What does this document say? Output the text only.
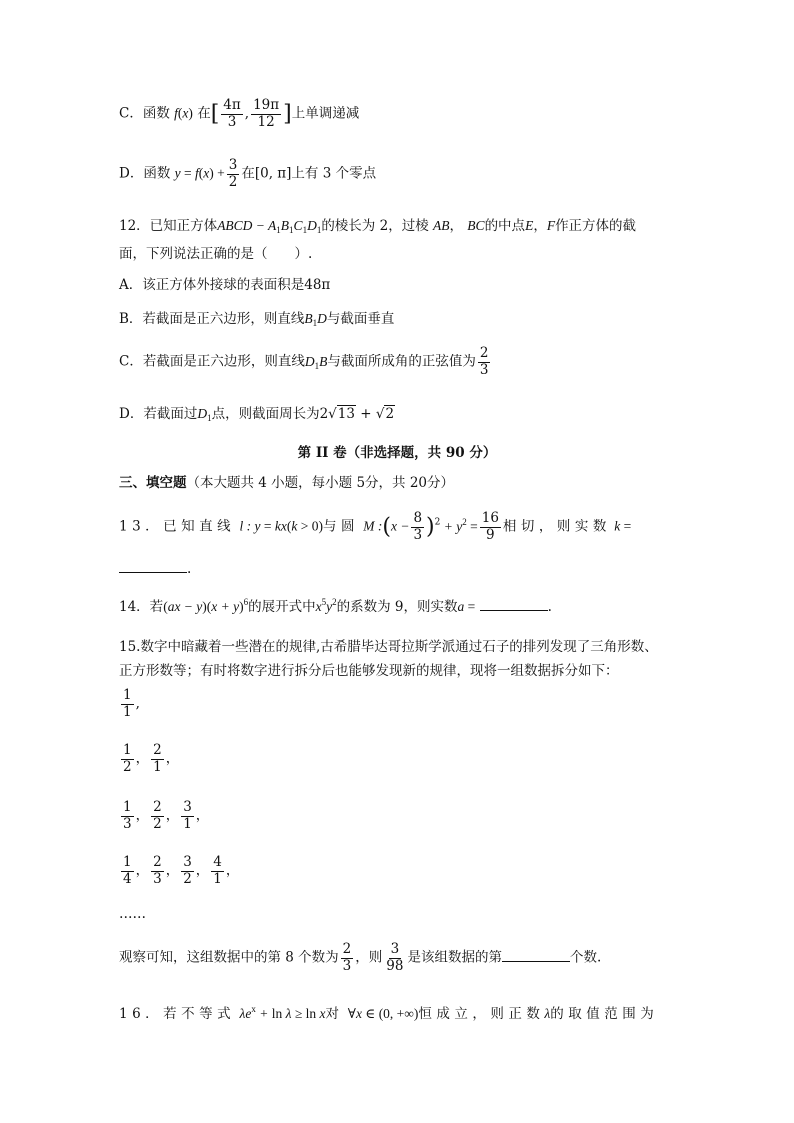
C．函数 f(x) 在[ $\frac{4\pi}{3}$ , $\frac{19\pi}{12}$ ]上单调递减
D．函数 $y = f(x) + \frac{3}{2}$ 在[0, π]上有 3 个零点
12．已知正方体ABCD − $A_1B_1C_1D_1$的棱长为 2，过棱 AB， BC的中点E，F作正方体的截
面，下列说法正确的是（　　）.
A．该正方体外接球的表面积是48π
B．若截面是正六边形，则直线$B_1D$与截面垂直
C．若截面是正六边形，则直线$D_1B$与截面所成角的正弦值为 $\frac{2}{3}$
D．若截面过$D_1$点，则截面周长为2√13 + √2
第 II 卷（非选择题，共 90 分）
三、填空题（本大题共 4 小题，每小题 5分，共 20分）
13．已知直线 l : y = kx(k > 0)与圆 M :(x − $\frac{8}{3} )^2 + y^2 = \frac{16}{9}$ 相切，则实数 k =
.
14．若$(ax - y)(x + y)^6$的展开式中$x^5y^2$的系数为 9，则实数a =	.
15.数字中暗藏着一些潜在的规律,古希腊毕达哥拉斯学派通过石子的排列发现了三角形数、
正方形数等；有时将数字进行拆分后也能够发现新的规律，现将一组数据拆分如下：
$\frac{1}{1}$ ,
$\frac{1}{2}$ ， $\frac{2}{1}$ ，
$\frac{1}{3}$ ， $\frac{2}{2}$ ， $\frac{3}{1}$ ，
$\frac{1}{4}$ ， $\frac{2}{3}$ ， $\frac{3}{2}$ ， $\frac{4}{1}$ ，
……
观察可知，这组数据中的第 8 个数为 $\frac{2}{3}$ ，则 $\frac{3}{98}$ 是该组数据的第	个数.
16．若不等式 $\lambda e^x + \ln \lambda \ge \ln x$对 ∀x ∈ (0, +∞)恒成立，则正数λ的取值范围为
